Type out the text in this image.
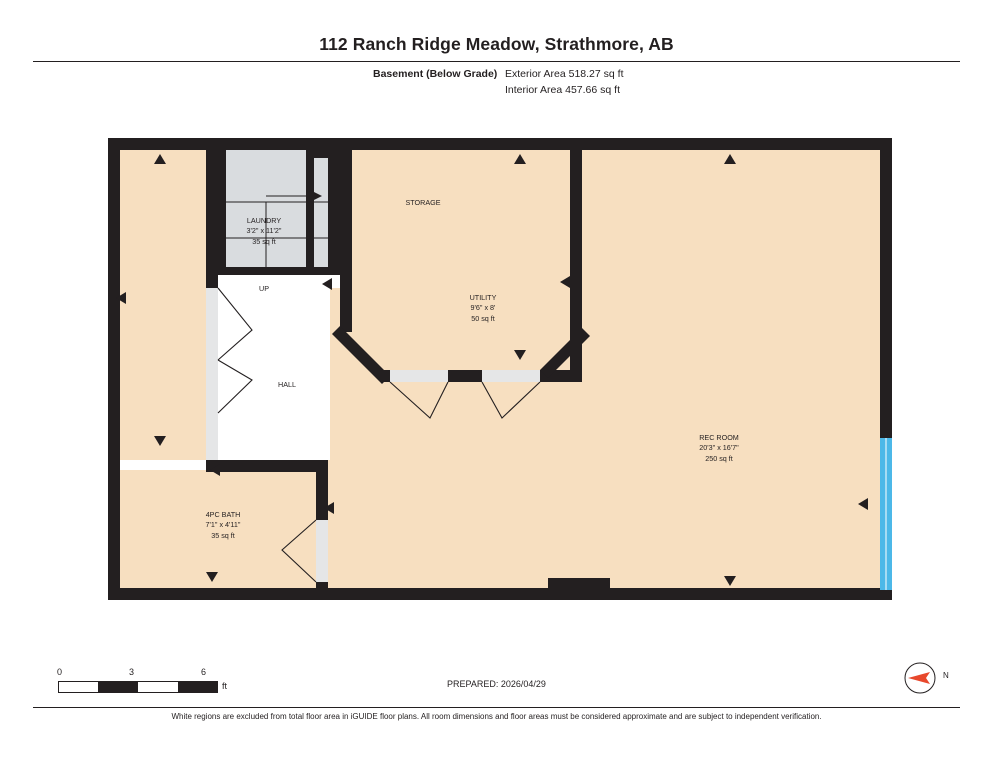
112 Ranch Ridge Meadow, Strathmore, AB
Basement (Below Grade) Exterior Area 518.27 sq ft
Interior Area 457.66 sq ft
LAUNDRY
3'2" x 11'2"
35 sq ft
STORAGE
UTILITY
9'6" x 8'
50 sq ft
HALL
UP
REC ROOM
20'3" x 16'7"
250 sq ft
4PC BATH
7'1" x 4'11"
35 sq ft
0	3	6
ft	PREPARED: 2026/04/29
N
White regions are excluded from total floor area in iGUIDE floor plans. All room dimensions and floor areas must be considered approximate and are subject to independent verification.
